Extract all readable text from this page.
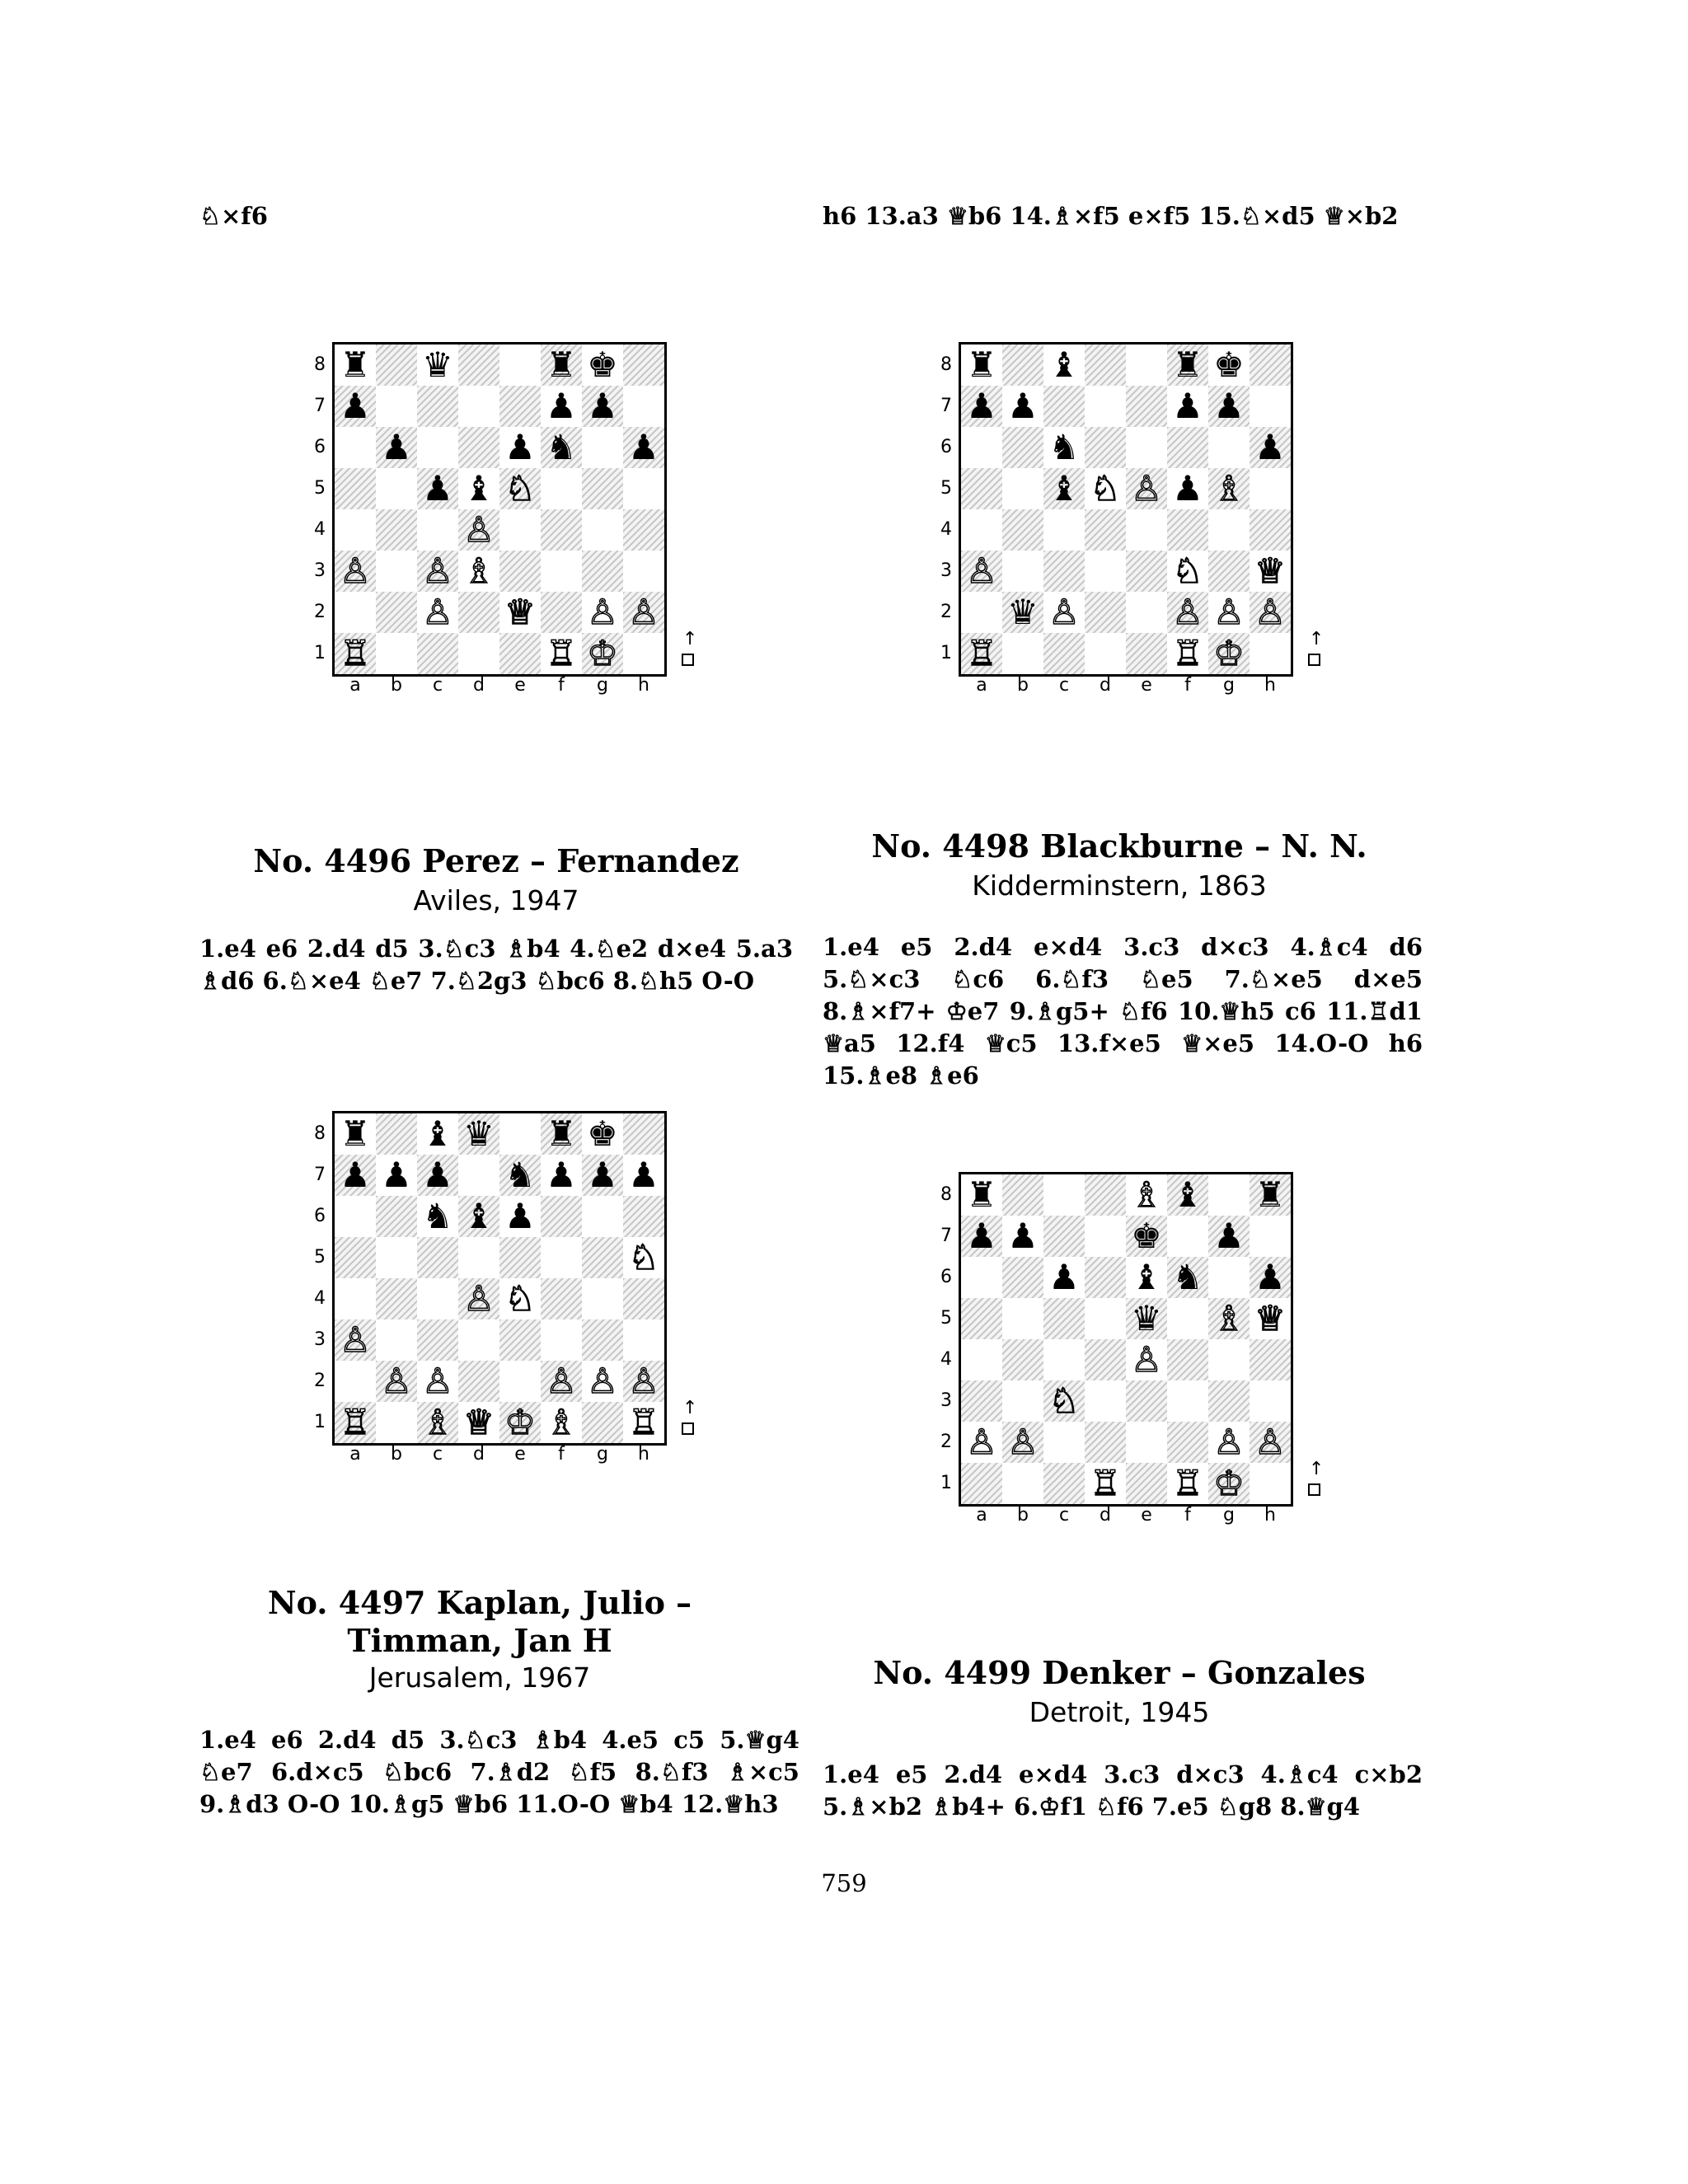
♘×f6	h6 13.a3 ♕b6 14.♗×f5 e×f5 15.♘×d5 ♕×b2
8
7
6
5
4
3
2
1
♜ ♛	♜ ♚
♟	♟ ♟
♟	♟ ♞ ♟
♟ ♝ ♘
♙
♙ ♙ ♗
♙ ♕ ♙ ♙
♖	♖ ♔
a	b	c	d	e	f	g	h
↑
8
7
6
5
4
3
2
1
♜ ♝	♜ ♚
♟ ♟	♟ ♟
♞	♟
♝ ♘ ♙ ♟ ♗
♙	♘ ♕
♛ ♙	♙ ♙ ♙
♖	♖ ♔
a	b	c	d	e	f	g	h
↑
No. 4496 Perez – Fernandez
Aviles, 1947
1.e4 e6 2.d4 d5 3.♘c3 ♗b4 4.♘e2 d×e4 5.a3 ♗d6 6.♘×e4 ♘e7 7.♘2g3 ♘bc6 8.♘h5 O-O
No. 4498 Blackburne – N. N.
Kidderminstern, 1863
1.e4 e5 2.d4 e×d4 3.c3 d×c3 4.♗c4 d6 5.♘×c3 ♘c6 6.♘f3 ♘e5 7.♘×e5 d×e5 8.♗×f7+ ♔e7 9.♗g5+ ♘f6 10.♕h5 c6 11.♖d1 ♕a5 12.f4 ♕c5 13.f×e5 ♕×e5 14.O-O h6 15.♗e8 ♗e6
8
7
6
5
4
3
2
1
♜ ♝ ♛ ♜ ♚
♟ ♟ ♟ ♞ ♟ ♟ ♟
♞ ♝ ♟
♘
♙ ♘
♙
♙ ♙	♙ ♙ ♙
♖ ♗ ♕ ♔ ♗ ♖
a	b	c	d	e	f	g	h
↑
8
7
6
5
4
3
2
1
♜	♗ ♝ ♜
♟ ♟	♚ ♟
♟ ♝ ♞ ♟
♛ ♗ ♕
♙
♘
♙ ♙	♙ ♙
♖ ♖ ♔
a	b	c	d	e	f	g	h
↑
No. 4497 Kaplan, Julio – Timman, Jan H
Jerusalem, 1967
1.e4 e6 2.d4 d5 3.♘c3 ♗b4 4.e5 c5 5.♕g4 ♘e7 6.d×c5 ♘bc6 7.♗d2 ♘f5 8.♘f3 ♗×c5 9.♗d3 O-O 10.♗g5 ♕b6 11.O-O ♕b4 12.♕h3
No. 4499 Denker – Gonzales
Detroit, 1945
1.e4 e5 2.d4 e×d4 3.c3 d×c3 4.♗c4 c×b2 5.♗×b2 ♗b4+ 6.♔f1 ♘f6 7.e5 ♘g8 8.♕g4
759
